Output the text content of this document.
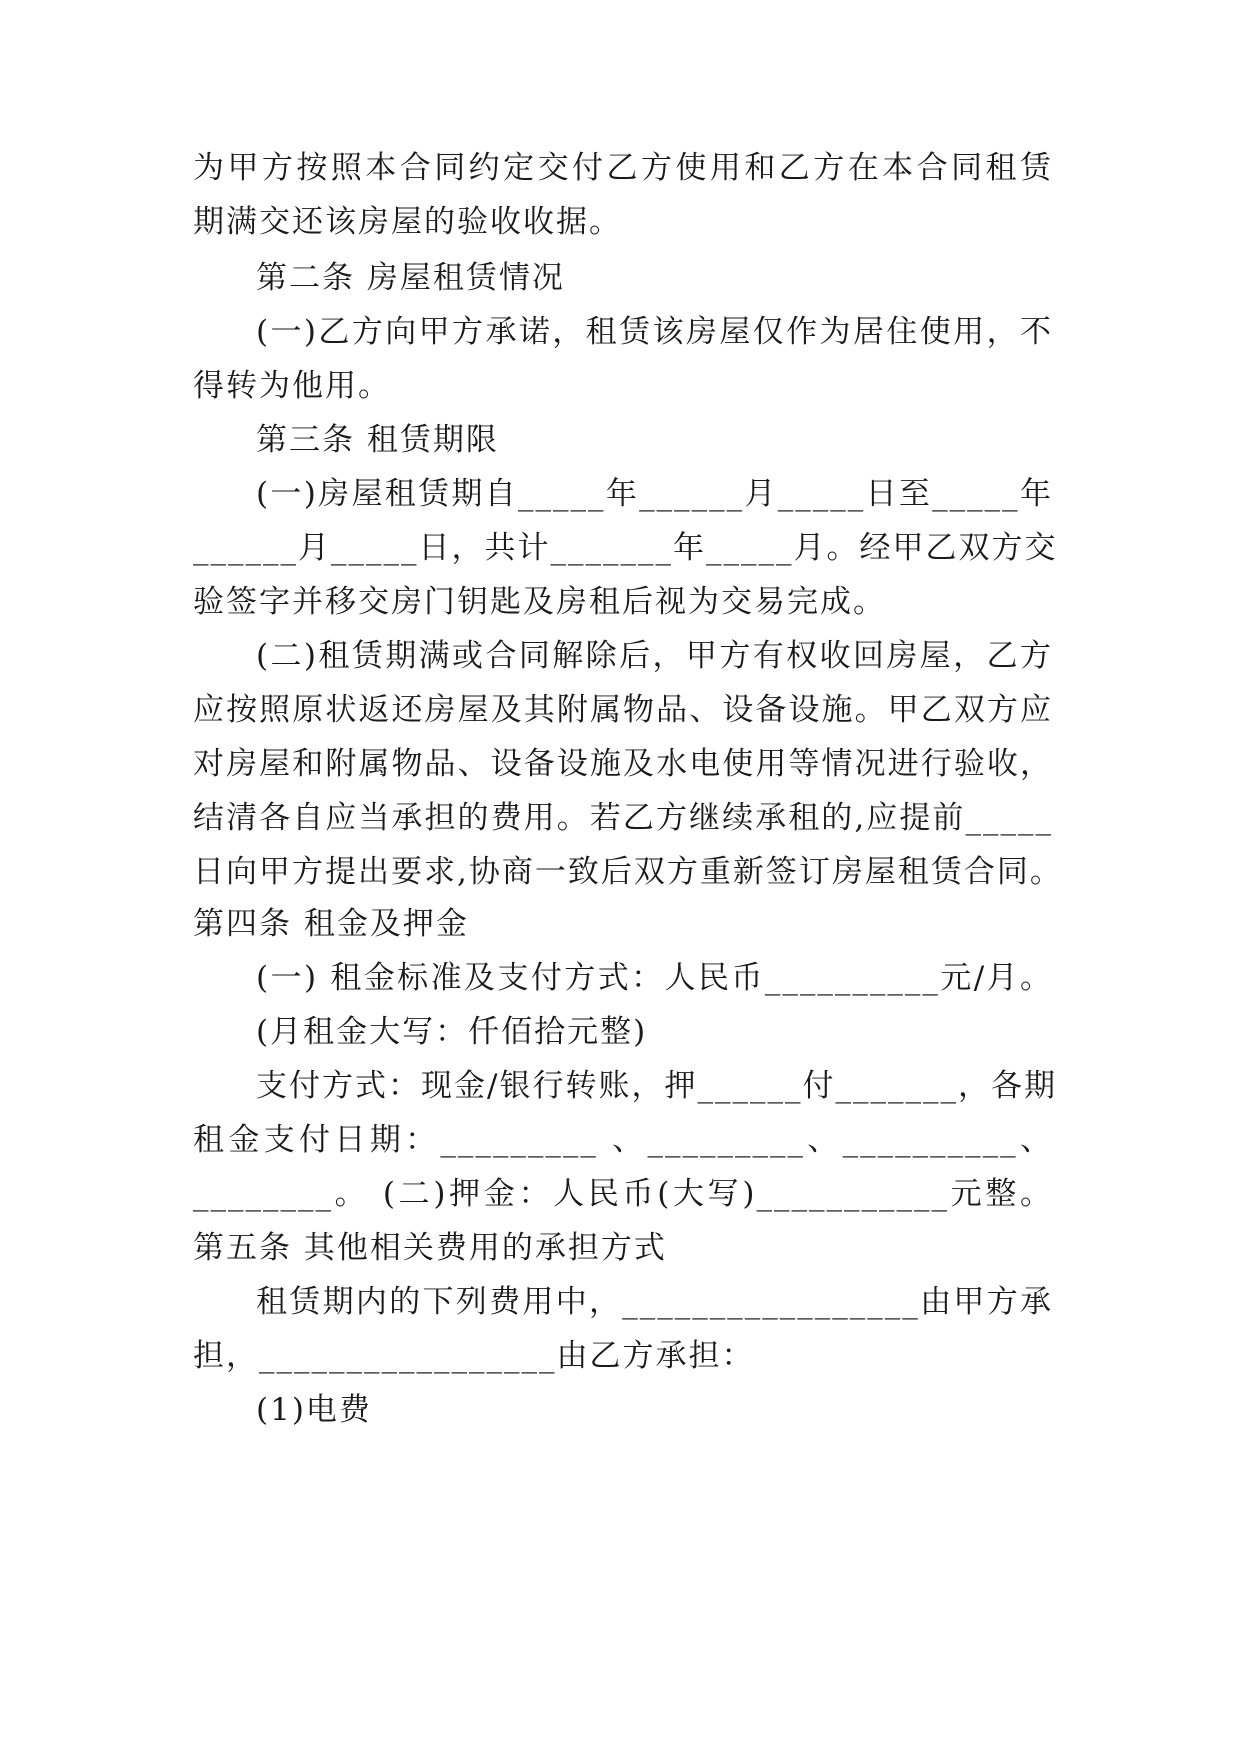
为甲方按照本合同约定交付乙方使用和乙方在本合同租赁
期满交还该房屋的验收收据。
第二条 房屋租赁情况
(一)乙方向甲方承诺，租赁该房屋仅作为居住使用，不
得转为他用。
第三条 租赁期限
(一)房屋租赁期自_____年______月_____日至_____年
______月_____日，共计_______年_____月。经甲乙双方交
验签字并移交房门钥匙及房租后视为交易完成。
(二)租赁期满或合同解除后，甲方有权收回房屋，乙方
应按照原状返还房屋及其附属物品、设备设施。甲乙双方应
对房屋和附属物品、设备设施及水电使用等情况进行验收，
结清各自应当承担的费用。若乙方继续承租的,应提前_____
日向甲方提出要求,协商一致后双方重新签订房屋租赁合同。
第四条 租金及押金
(一) 租金标准及支付方式：人民币__________元/月。
(月租金大写：仟佰拾元整)
支付方式：现金/银行转账，押______付_______，各期
租金支付日期：_________ 、_________、__________、
________。 (二)押金：人民币(大写)___________元整。
第五条 其他相关费用的承担方式
租赁期内的下列费用中，_________________由甲方承
担，_________________由乙方承担：
(1)电费
